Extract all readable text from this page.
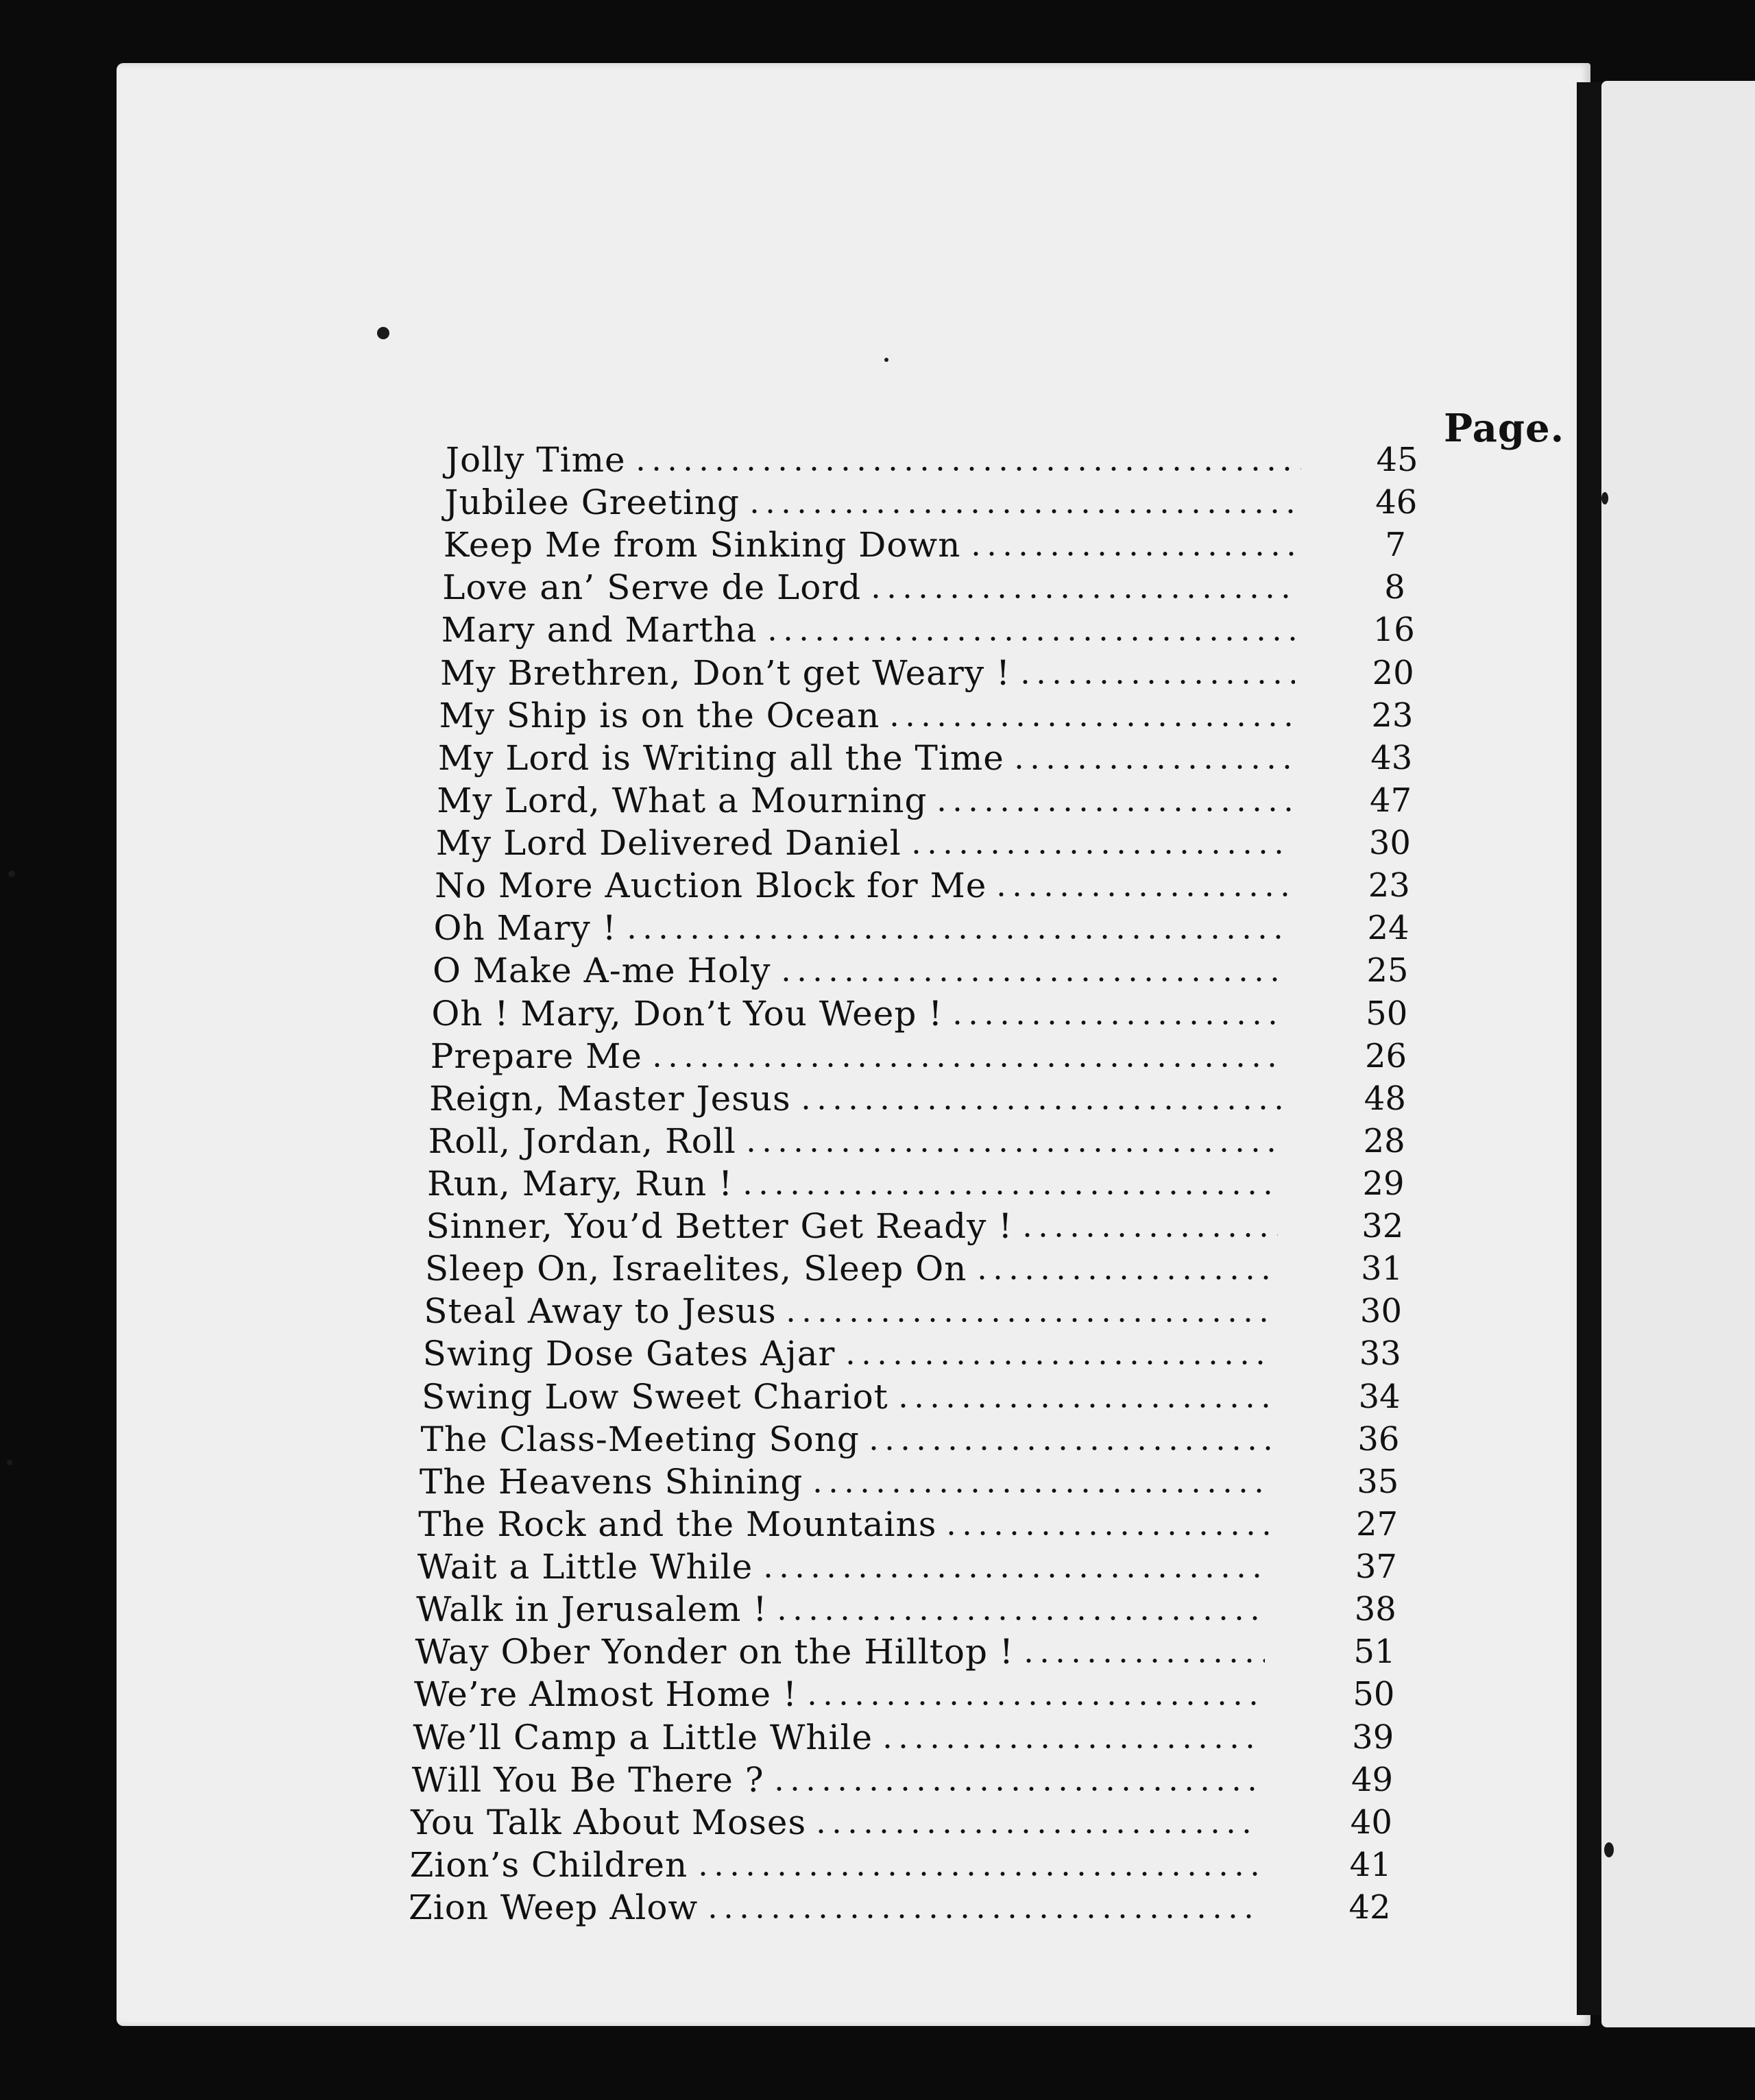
Page.
Jolly Time	45
Jubilee Greeting	46
Keep Me from Sinking Down	7
Love an’ Serve de Lord	8
Mary and Martha	16
My Brethren, Don’t get Weary !	20
My Ship is on the Ocean	23
My Lord is Writing all the Time	43
My Lord, What a Mourning	47
My Lord Delivered Daniel	30
No More Auction Block for Me	23
Oh Mary !	24
O Make A-me Holy	25
Oh ! Mary, Don’t You Weep !	50
Prepare Me	26
Reign, Master Jesus	48
Roll, Jordan, Roll	28
Run, Mary, Run !	29
Sinner, You’d Better Get Ready !	32
Sleep On, Israelites, Sleep On	31
Steal Away to Jesus	30
Swing Dose Gates Ajar	33
Swing Low Sweet Chariot	34
The Class-Meeting Song	36
The Heavens Shining	35
The Rock and the Mountains	27
Wait a Little While	37
Walk in Jerusalem !	38
Way Ober Yonder on the Hilltop !	51
We’re Almost Home !	50
We’ll Camp a Little While	39
Will You Be There ?	49
You Talk About Moses	40
Zion’s Children	41
Zion Weep Alow	42
